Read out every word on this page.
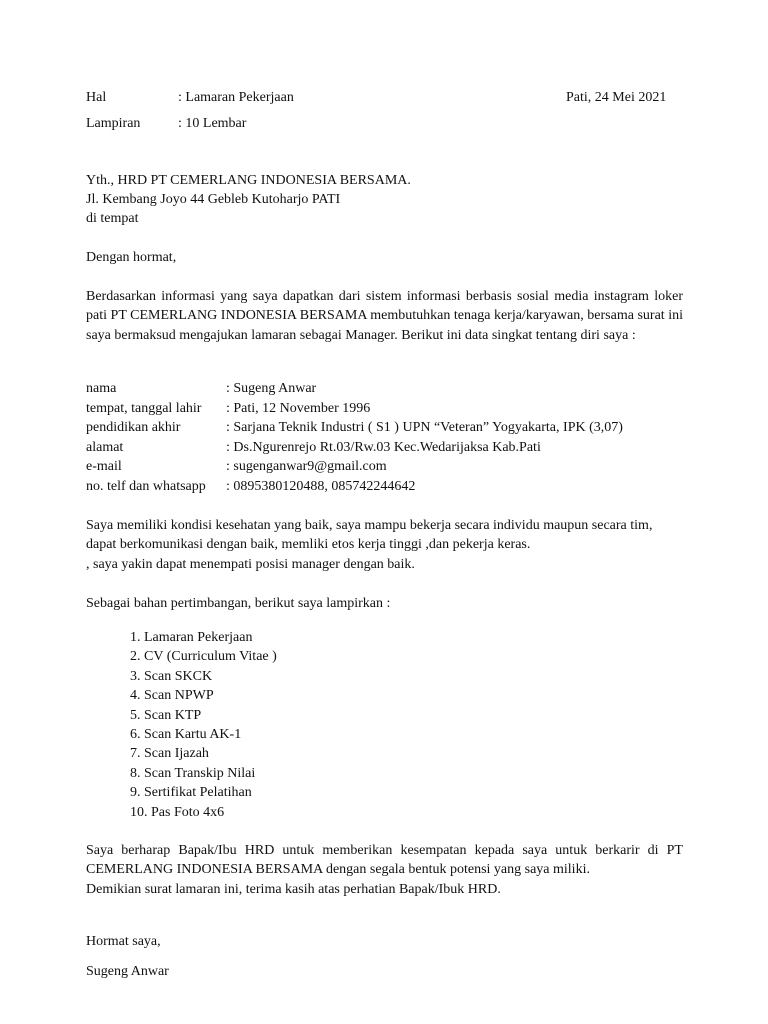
Hal	: Lamaran Pekerjaan	Pati, 24 Mei 2021
Lampiran	: 10 Lembar
Yth., HRD PT CEMERLANG INDONESIA BERSAMA.
Jl. Kembang Joyo 44 Gebleb Kutoharjo PATI
di tempat
Dengan hormat,
Berdasarkan informasi yang saya dapatkan dari sistem informasi berbasis sosial media instagram loker pati PT CEMERLANG INDONESIA BERSAMA membutuhkan tenaga kerja/karyawan, bersama surat ini saya bermaksud mengajukan lamaran sebagai Manager. Berikut ini data singkat tentang diri saya :
nama	: Sugeng Anwar
tempat, tanggal lahir : Pati, 12 November 1996
pendidikan akhir	: Sarjana Teknik Industri ( S1 ) UPN “Veteran” Yogyakarta, IPK (3,07)
alamat	: Ds.Ngurenrejo Rt.03/Rw.03 Kec.Wedarijaksa Kab.Pati
e-mail	: sugenganwar9@gmail.com
no. telf dan whatsapp : 0895380120488, 085742244642
Saya memiliki kondisi kesehatan yang baik, saya mampu bekerja secara individu maupun secara tim, dapat berkomunikasi dengan baik, memliki etos kerja tinggi ,dan pekerja keras.
, saya yakin dapat menempati posisi manager dengan baik.
Sebagai bahan pertimbangan, berikut saya lampirkan :
1. Lamaran Pekerjaan
2. CV (Curriculum Vitae )
3. Scan SKCK
4. Scan NPWP
5. Scan KTP
6. Scan Kartu AK-1
7. Scan Ijazah
8. Scan Transkip Nilai
9. Sertifikat Pelatihan
10. Pas Foto 4x6
Saya berharap Bapak/Ibu HRD untuk memberikan kesempatan kepada saya untuk berkarir di PT CEMERLANG INDONESIA BERSAMA dengan segala bentuk potensi yang saya miliki.
Demikian surat lamaran ini, terima kasih atas perhatian Bapak/Ibuk HRD.
Hormat saya,
Sugeng Anwar
